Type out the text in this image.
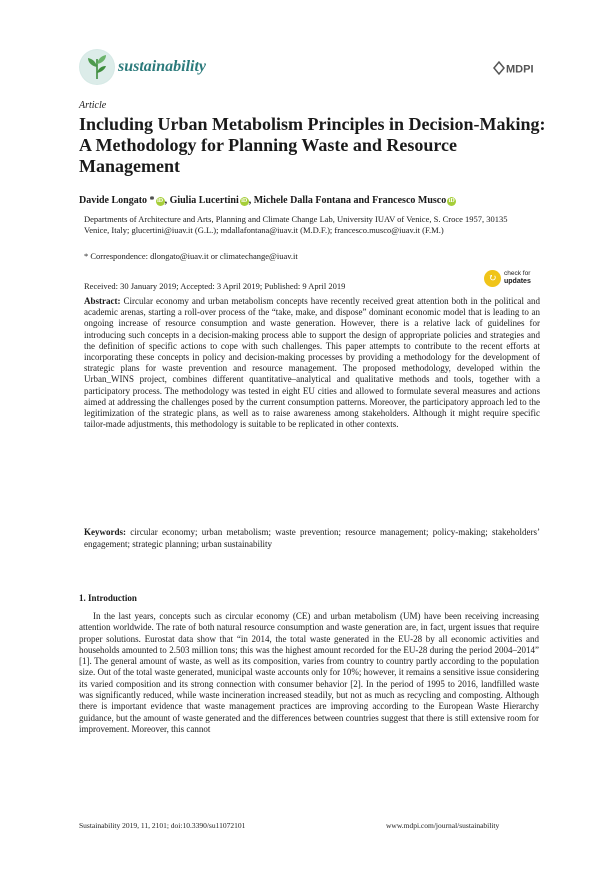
sustainability	MDPI
Article
Including Urban Metabolism Principles in Decision-Making: A Methodology for Planning Waste and Resource Management
Davide Longato * iD , Giulia Lucertini iD , Michele Dalla Fontana and Francesco Musco iD
Departments of Architecture and Arts, Planning and Climate Change Lab, University IUAV of Venice, S. Croce 1957, 30135 Venice, Italy; glucertini@iuav.it (G.L.); mdallafontana@iuav.it (M.D.F.); francesco.musco@iuav.it (F.M.)
* Correspondence: dlongato@iuav.it or climatechange@iuav.it
Received: 30 January 2019; Accepted: 3 April 2019; Published: 9 April 2019
↻	check for
updates
Abstract: Circular economy and urban metabolism concepts have recently received great attention both in the political and academic arenas, starting a roll-over process of the “take, make, and dispose” dominant economic model that is leading to an ongoing increase of resource consumption and waste generation. However, there is a relative lack of guidelines for introducing such concepts in a decision-making process able to support the design of appropriate policies and strategies and the definition of specific actions to cope with such challenges. This paper attempts to contribute to the recent efforts at incorporating these concepts in policy and decision-making processes by providing a methodology for the development of strategic plans for waste prevention and resource management. The proposed methodology, developed within the Urban_WINS project, combines different quantitative–analytical and qualitative methods and tools, together with a participatory process. The methodology was tested in eight EU cities and allowed to formulate several measures and actions aimed at addressing the challenges posed by the current consumption patterns. Moreover, the participatory approach led to the legitimization of the strategic plans, as well as to raise awareness among stakeholders. Although it might require specific tailor-made adjustments, this methodology is suitable to be replicated in other contexts.
Keywords: circular economy; urban metabolism; waste prevention; resource management; policy-making; stakeholders’ engagement; strategic planning; urban sustainability
1. Introduction
In the last years, concepts such as circular economy (CE) and urban metabolism (UM) have been receiving increasing attention worldwide. The rate of both natural resource consumption and waste generation are, in fact, urgent issues that require proper solutions. Eurostat data show that “in 2014, the total waste generated in the EU-28 by all economic activities and households amounted to 2.503 million tons; this was the highest amount recorded for the EU-28 during the period 2004–2014” [1]. The general amount of waste, as well as its composition, varies from country to country partly according to the population size. Out of the total waste generated, municipal waste accounts only for 10%; however, it remains a sensitive issue considering its varied composition and its strong connection with consumer behavior [2]. In the period of 1995 to 2016, landfilled waste was significantly reduced, while waste incineration increased steadily, but not as much as recycling and composting. Although there is important evidence that waste management practices are improving according to the European Waste Hierarchy guidance, but the amount of waste generated and the differences between countries suggest that there is still extensive room for improvement. Moreover, this cannot
Sustainability 2019, 11, 2101; doi:10.3390/su11072101	www.mdpi.com/journal/sustainability
